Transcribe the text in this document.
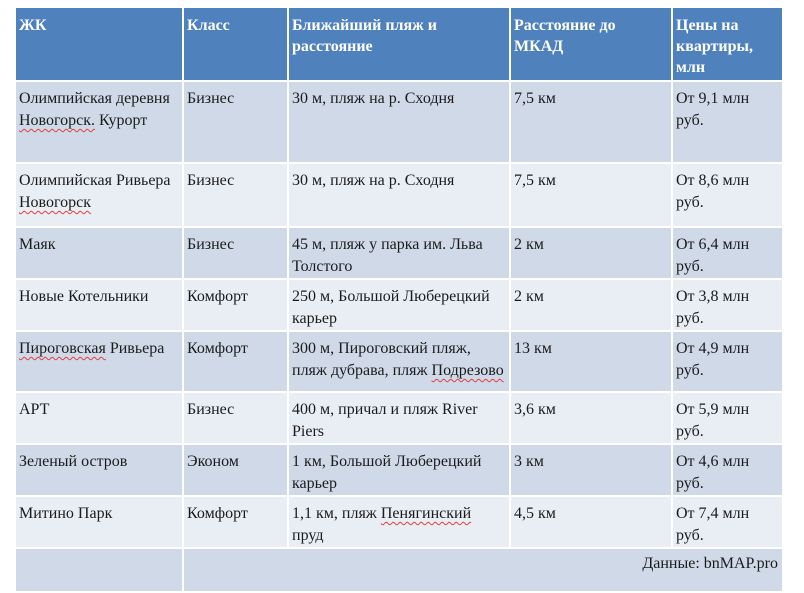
ЖК	Класс	Ближайший пляж и расстояние	Расстояние до МКАД	Цены на квартиры, млн
Олимпийская деревня Новогорск. Курорт	Бизнес	30 м, пляж на р. Сходня	7,5 км	От 9,1 млн руб.
Олимпийская Ривьера Новогорск	Бизнес	30 м, пляж на р. Сходня	7,5 км	От 8,6 млн руб.
Маяк	Бизнес	45 м, пляж у парка им. Льва Толстого	2 км	От 6,4 млн руб.
Новые Котельники	Комфорт	250 м, Большой Люберецкий карьер	2 км	От 3,8 млн руб.
Пироговская Ривьера	Комфорт	300 м, Пироговский пляж, пляж дубрава, пляж Подрезово	13 км	От 4,9 млн руб.
АРТ	Бизнес	400 м, причал и пляж River Piers	3,6 км	От 5,9 млн руб.
Зеленый остров	Эконом	1 км, Большой Люберецкий карьер	3 км	От 4,6 млн руб.
Митино Парк	Комфорт	1,1 км, пляж Пенягинский пруд	4,5 км	От 7,4 млн руб.
	Данные: bnMAP.pro			
